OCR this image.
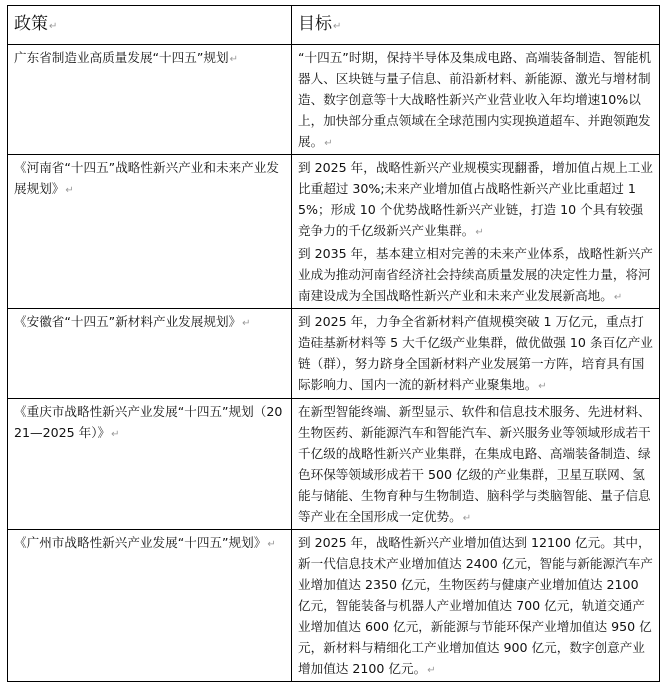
政策 ↵	目标 ↵
广东省制造业高质量发展“十四五”规划 ↵	“十四五”时期，保持半导体及集成电路、高端装备制造、智能机器人、区块链与量子信息、前沿新材料、新能源、激光与增材制造、数字创意等十大战略性新兴产业营业收入年均增速10%以上，加快部分重点领域在全球范围内实现换道超车、并跑领跑发展。 ↵

《河南省“十四五”战略性新兴产业和未来产业发展规划》 ↵	到 2025 年，战略性新兴产业规模实现翻番，增加值占规上工业比重超过 30%;未来产业增加值占战略性新兴产业比重超过 15%；形成 10 个优势战略性新兴产业链，打造 10 个具有较强竞争力的千亿级新兴产业集群。 ↵

到 2035 年，基本建立相对完善的未来产业体系，战略性新兴产业成为推动河南省经济社会持续高质量发展的决定性力量，将河南建设成为全国战略性新兴产业和未来产业发展新高地。 ↵

《安徽省“十四五”新材料产业发展规划》 ↵	到 2025 年，力争全省新材料产值规模突破 1 万亿元，重点打造硅基新材料等 5 大千亿级产业集群，做优做强 10 条百亿产业链（群），努力跻身全国新材料产业发展第一方阵，培育具有国际影响力、国内一流的新材料产业聚集地。 ↵

《重庆市战略性新兴产业发展“十四五”规划（2021—2025 年）》 ↵	在新型智能终端、新型显示、软件和信息技术服务、先进材料、生物医药、新能源汽车和智能汽车、新兴服务业等领域形成若干千亿级的战略性新兴产业集群，在集成电路、高端装备制造、绿色环保等领域形成若干 500 亿级的产业集群，卫星互联网、氢能与储能、生物育种与生物制造、脑科学与类脑智能、量子信息等产业在全国形成一定优势。 ↵

《广州市战略性新兴产业发展“十四五”规划》 ↵	到 2025 年，战略性新兴产业增加值达到 12100 亿元。其中，新一代信息技术产业增加值达 2400 亿元，智能与新能源汽车产业增加值达 2350 亿元，生物医药与健康产业增加值达 2100 亿元，智能装备与机器人产业增加值达 700 亿元，轨道交通产业增加值达 600 亿元，新能源与节能环保产业增加值达 950 亿元，新材料与精细化工产业增加值达 900 亿元，数字创意产业增加值达 2100 亿元。 ↵
